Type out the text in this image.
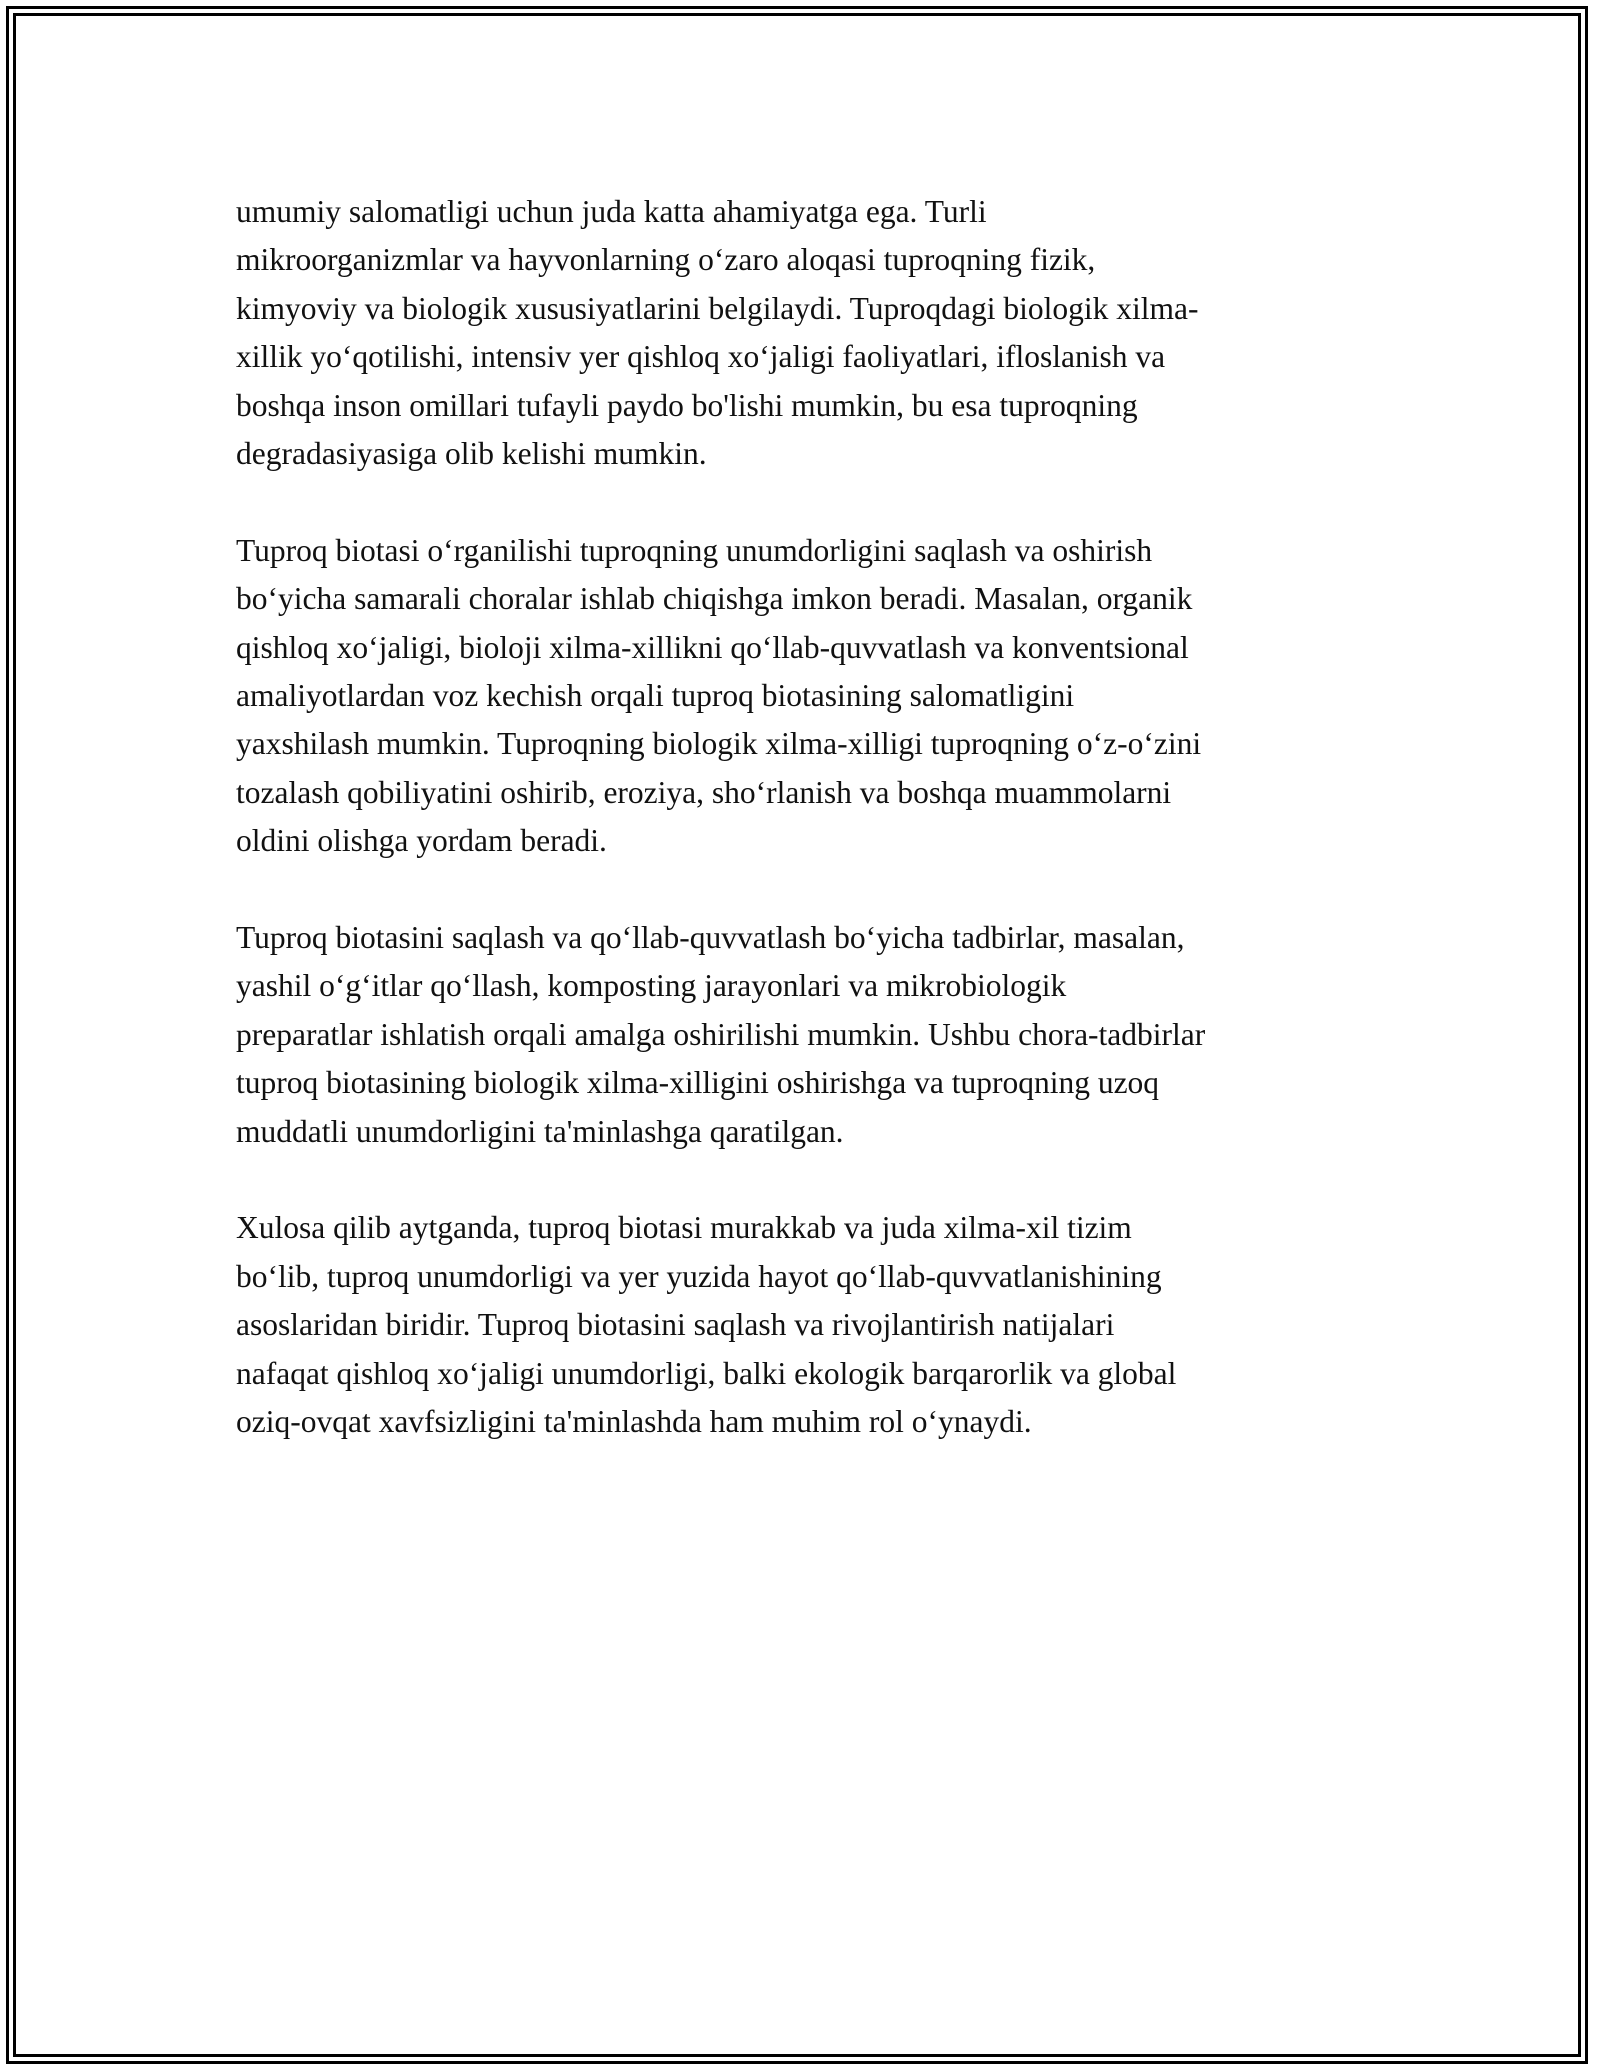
umumiy salomatligi uchun juda katta ahamiyatga ega. Turli
mikroorganizmlar va hayvonlarning o‘zaro aloqasi tuproqning fizik,
kimyoviy va biologik xususiyatlarini belgilaydi. Tuproqdagi biologik xilma-
xillik yo‘qotilishi, intensiv yer qishloq xo‘jaligi faoliyatlari, ifloslanish va
boshqa inson omillari tufayli paydo bo'lishi mumkin, bu esa tuproqning
degradasiyasiga olib kelishi mumkin.

Tuproq biotasi o‘rganilishi tuproqning unumdorligini saqlash va oshirish
bo‘yicha samarali choralar ishlab chiqishga imkon beradi. Masalan, organik
qishloq xo‘jaligi, bioloji xilma-xillikni qo‘llab-quvvatlash va konventsional
amaliyotlardan voz kechish orqali tuproq biotasining salomatligini
yaxshilash mumkin. Tuproqning biologik xilma-xilligi tuproqning o‘z-o‘zini
tozalash qobiliyatini oshirib, eroziya, sho‘rlanish va boshqa muammolarni
oldini olishga yordam beradi.

Tuproq biotasini saqlash va qo‘llab-quvvatlash bo‘yicha tadbirlar, masalan,
yashil o‘g‘itlar qo‘llash, komposting jarayonlari va mikrobiologik
preparatlar ishlatish orqali amalga oshirilishi mumkin. Ushbu chora-tadbirlar
tuproq biotasining biologik xilma-xilligini oshirishga va tuproqning uzoq
muddatli unumdorligini ta'minlashga qaratilgan.

Xulosa qilib aytganda, tuproq biotasi murakkab va juda xilma-xil tizim
bo‘lib, tuproq unumdorligi va yer yuzida hayot qo‘llab-quvvatlanishining
asoslaridan biridir. Tuproq biotasini saqlash va rivojlantirish natijalari
nafaqat qishloq xo‘jaligi unumdorligi, balki ekologik barqarorlik va global
oziq-ovqat xavfsizligini ta'minlashda ham muhim rol o‘ynaydi.
